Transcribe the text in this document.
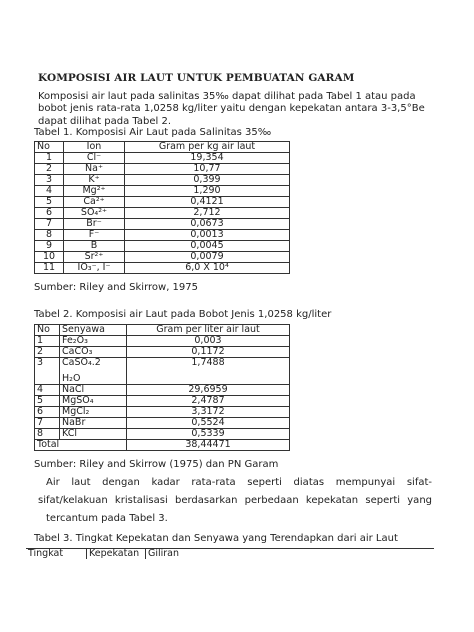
KOMPOSISI AIR LAUT UNTUK PEMBUATAN GARAM
Komposisi air laut pada salinitas 35‰ dapat dilihat pada Tabel 1 atau pada
bobot jenis rata-rata 1,0258 kg/liter yaitu dengan kepekatan antara 3-3,5°Be
dapat dilihat pada Tabel 2.
Tabel 1. Komposisi Air Laut pada Salinitas 35‰
No	Ion	Gram per kg air laut
1	Cl⁻	19,354
2	Na⁺	10,77
3	K⁺	0,399
4	Mg²⁺	1,290
5	Ca²⁺	0,4121
6	SO₄²⁺	2,712
7	Br⁻	0,0673
8	F⁻	0,0013
9	B	0,0045
10	Sr²⁺	0,0079
11	IO₃⁻, I⁻	6,0 X 10⁴
Sumber: Riley and Skirrow, 1975
Tabel 2. Komposisi air Laut pada Bobot Jenis 1,0258 kg/liter
No	Senyawa	Gram per liter air laut
1	Fe₂O₃	0,003
2	CaCO₃	0,1172
3	CaSO₄.2
H₂O	1,7488
4	NaCl	29,6959
5	MgSO₄	2,4787
6	MgCl₂	3,3172
7	NaBr	0,5524
8	KCl	0,5339
Total		38,44471
Sumber: Riley and Skirrow (1975) dan PN Garam
Air laut dengan kadar rata-rata seperti diatas mempunyai sifat-
sifat/kelakuan kristalisasi berdasarkan perbedaan kepekatan seperti yang
tercantum pada Tabel 3.
Tabel 3. Tingkat Kepekatan dan Senyawa yang Terendapkan dari air Laut
Tingkat	Kepekatan	Giliran
